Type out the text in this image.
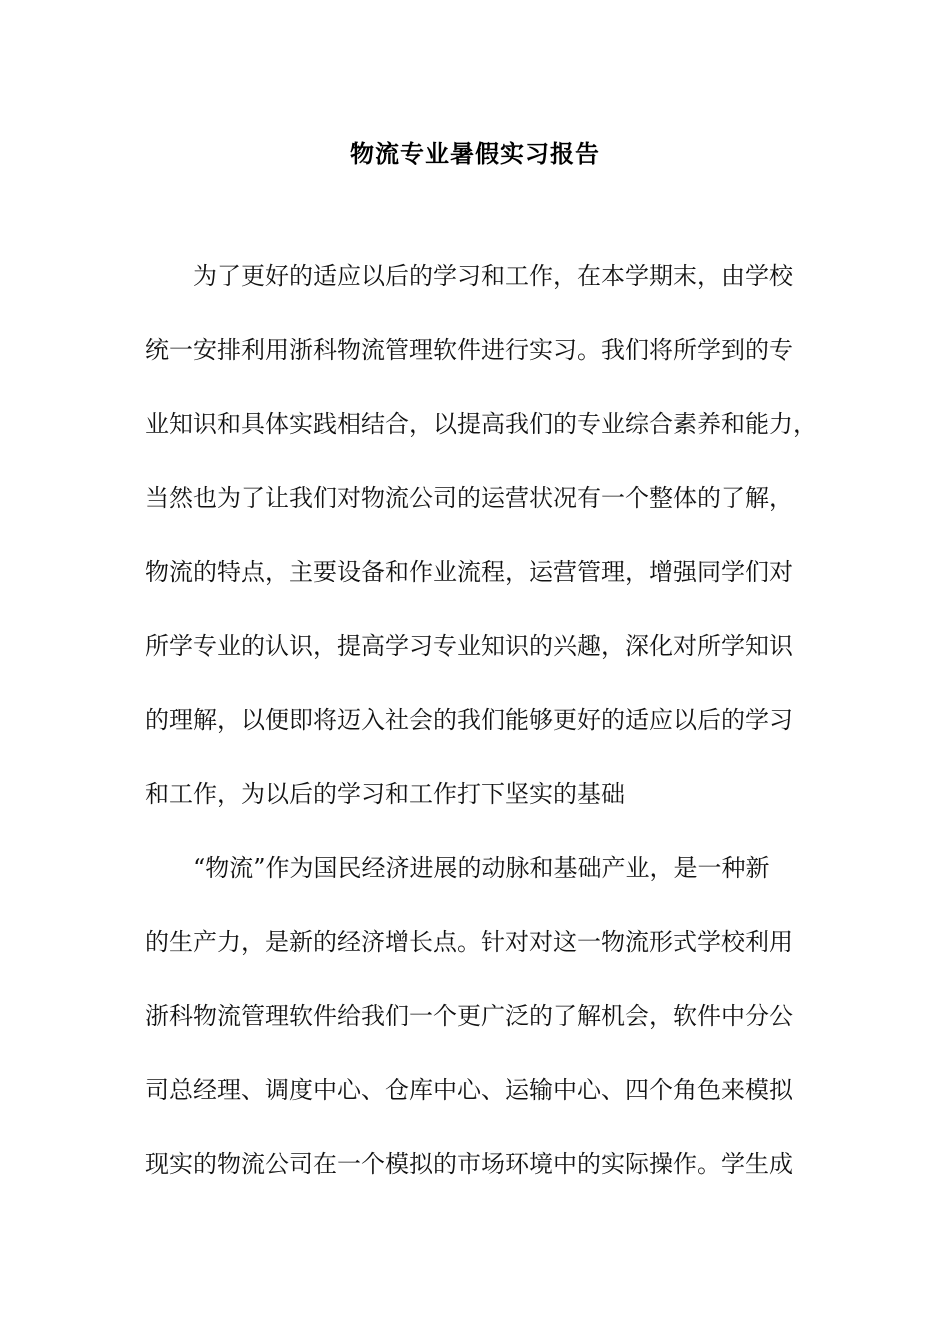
物流专业暑假实习报告
为了更好的适应以后的学习和工作，在本学期末，由学校
统一安排利用浙科物流管理软件进行实习。我们将所学到的专
业知识和具体实践相结合，以提高我们的专业综合素养和能力，
当然也为了让我们对物流公司的运营状况有一个整体的了解，
物流的特点，主要设备和作业流程，运营管理，增强同学们对
所学专业的认识，提高学习专业知识的兴趣，深化对所学知识
的理解，以便即将迈入社会的我们能够更好的适应以后的学习
和工作，为以后的学习和工作打下坚实的基础
“物流”作为国民经济进展的动脉和基础产业，是一种新
的生产力，是新的经济增长点。针对对这一物流形式学校利用
浙科物流管理软件给我们一个更广泛的了解机会，软件中分公
司总经理、调度中心、仓库中心、运输中心、四个角色来模拟
现实的物流公司在一个模拟的市场环境中的实际操作。学生成
